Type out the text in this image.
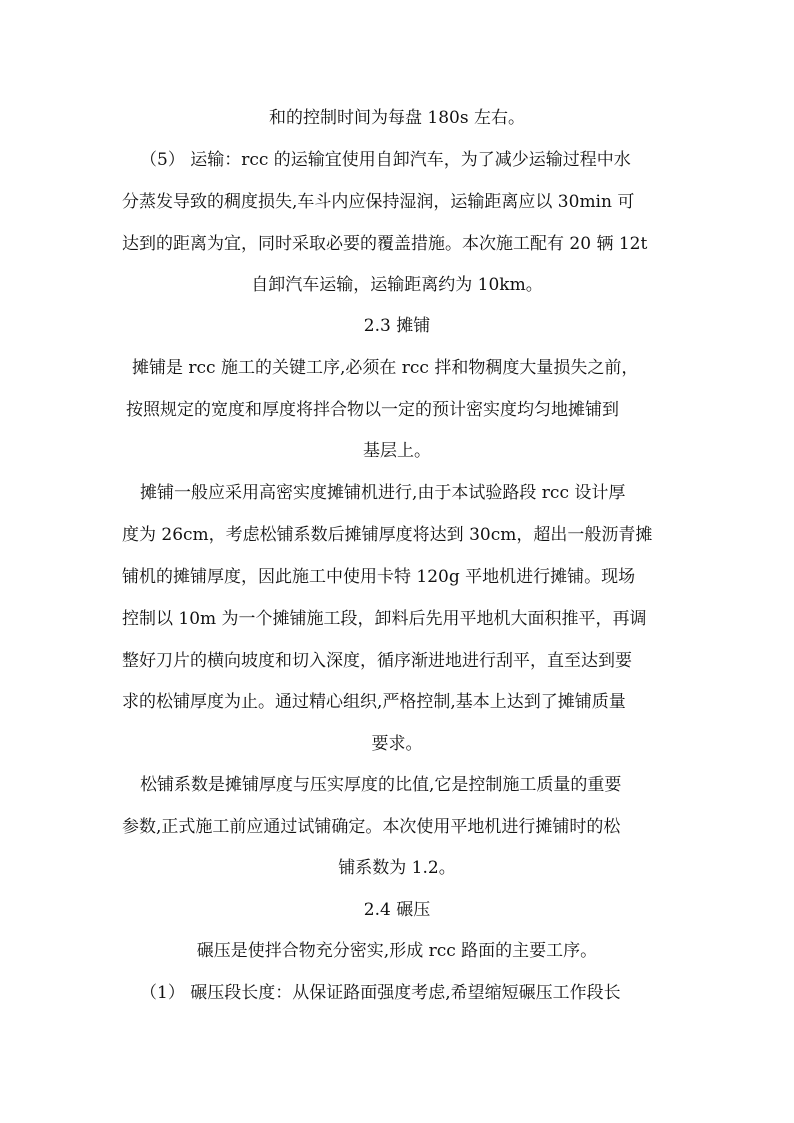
和的控制时间为每盘 180s 左右。
（5） 运输：rcc 的运输宜使用自卸汽车，为了减少运输过程中水
分蒸发导致的稠度损失,车斗内应保持湿润，运输距离应以 30min 可
达到的距离为宜，同时采取必要的覆盖措施。本次施工配有 20 辆 12t
自卸汽车运输，运输距离约为 10km。
2.3 摊铺
摊铺是 rcc 施工的关键工序,必须在 rcc 拌和物稠度大量损失之前，
按照规定的宽度和厚度将拌合物以一定的预计密实度均匀地摊铺到
基层上。
摊铺一般应采用高密实度摊铺机进行,由于本试验路段 rcc 设计厚
度为 26cm，考虑松铺系数后摊铺厚度将达到 30cm，超出一般沥青摊
铺机的摊铺厚度，因此施工中使用卡特 120g 平地机进行摊铺。现场
控制以 10m 为一个摊铺施工段，卸料后先用平地机大面积推平，再调
整好刀片的横向坡度和切入深度，循序渐进地进行刮平，直至达到要
求的松铺厚度为止。通过精心组织,严格控制,基本上达到了摊铺质量
要求。
松铺系数是摊铺厚度与压实厚度的比值,它是控制施工质量的重要
参数,正式施工前应通过试铺确定。本次使用平地机进行摊铺时的松
铺系数为 1.2。
2.4 碾压
碾压是使拌合物充分密实,形成 rcc 路面的主要工序。
（1） 碾压段长度：从保证路面强度考虑,希望缩短碾压工作段长
